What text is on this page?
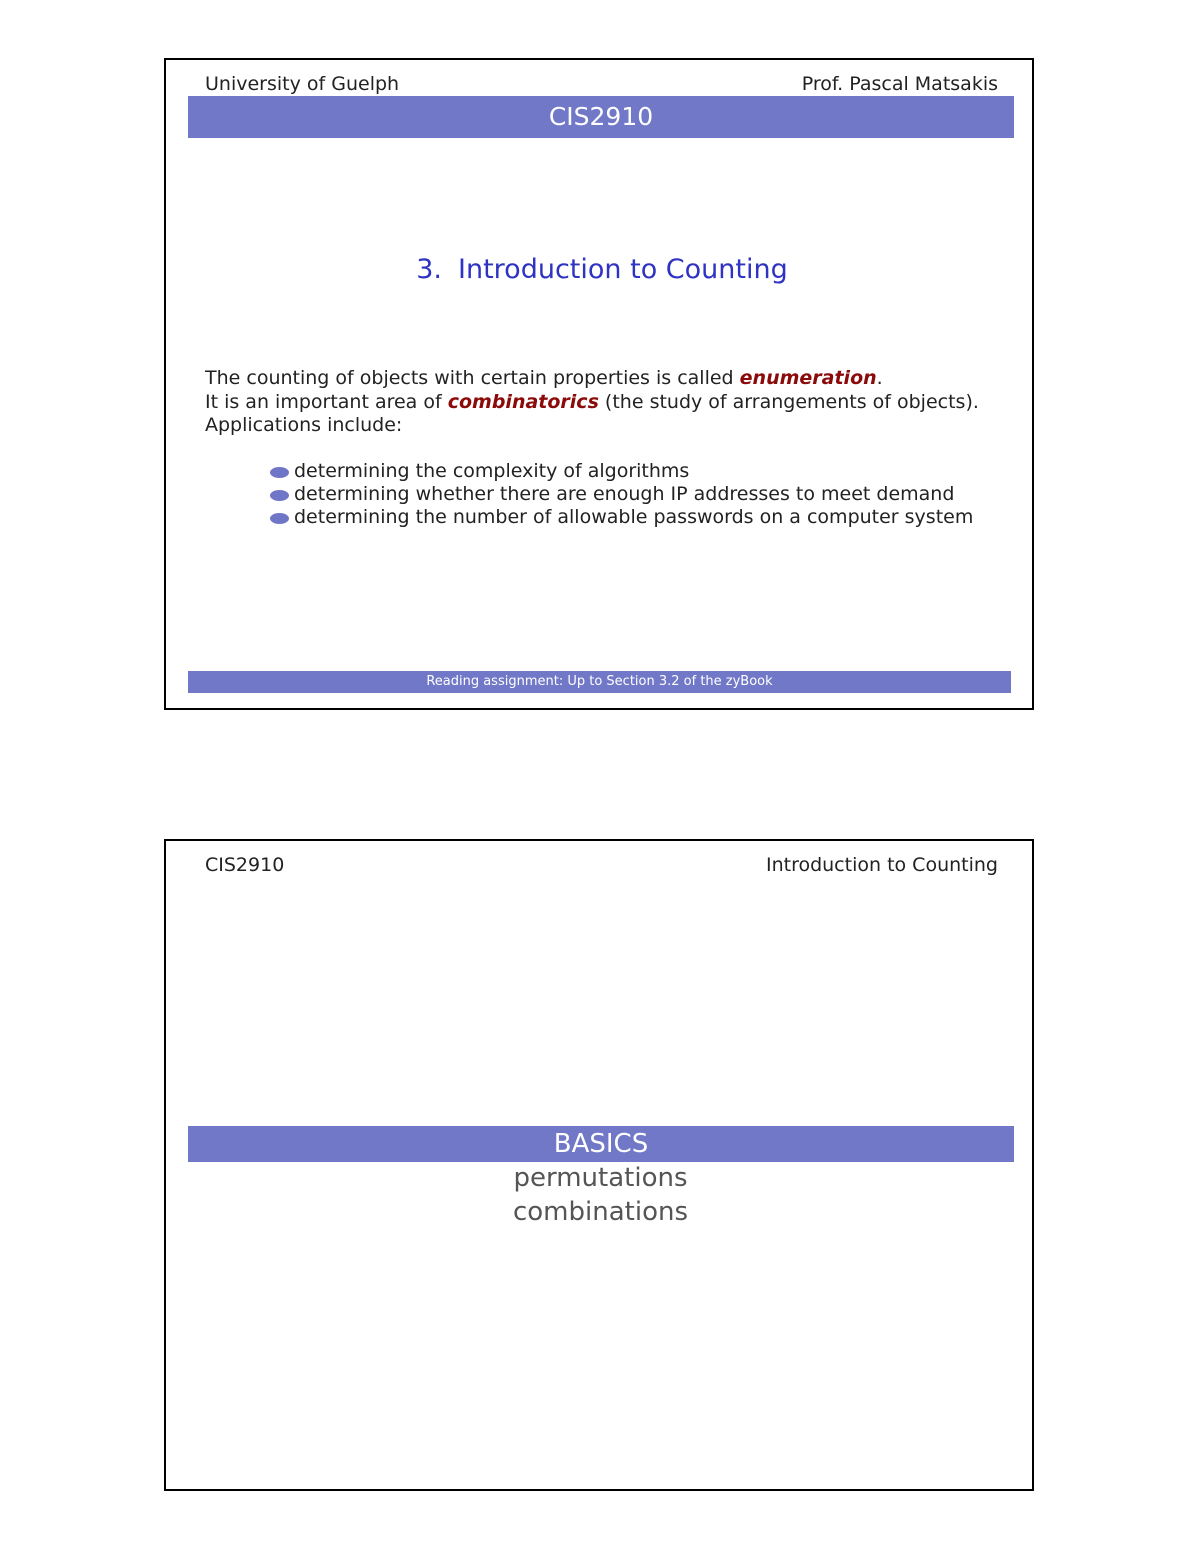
University of Guelph	Prof. Pascal Matsakis
CIS2910
3. Introduction to Counting
The counting of objects with certain properties is called enumeration.
It is an important area of combinatorics (the study of arrangements of objects).
Applications include:
determining the complexity of algorithms
determining whether there are enough IP addresses to meet demand
determining the number of allowable passwords on a computer system
Reading assignment: Up to Section 3.2 of the zyBook
CIS2910	Introduction to Counting
BASICS
permutations
combinations
